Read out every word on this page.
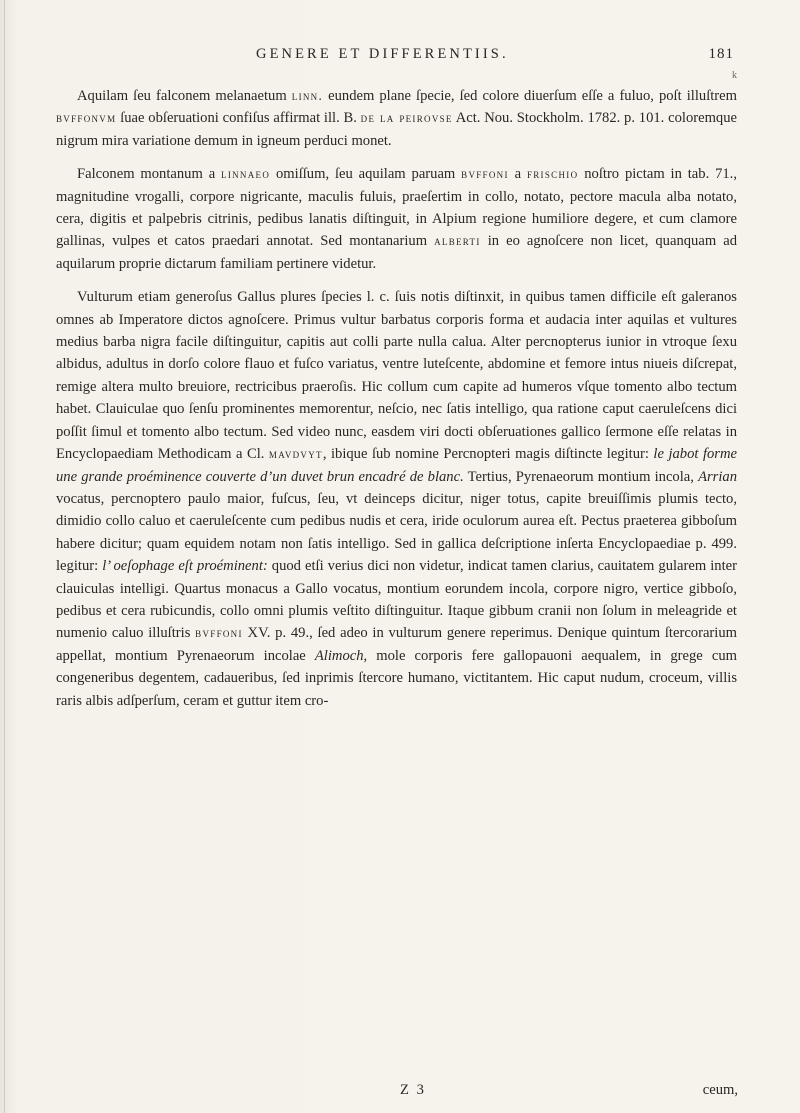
GENERE ET DIFFERENTIIS.	181
k

Aquilam ſeu falconem melanaetum linn. eundem plane ſpecie, ſed colore diuerſum eſſe a fuluo, poſt illuſtrem bvffonvm ſuae obſeruationi confiſus affirmat ill. B. de la peirovse Act. Nou. Stockholm. 1782. p. 101. coloremque nigrum mira variatione demum in igneum perduci monet.

Falconem montanum a linnaeo omiſſum, ſeu aquilam paruam bvffoni a frischio noſtro pictam in tab. 71., magnitudine vrogalli, corpore nigricante, maculis fuluis, praeſertim in collo, notato, pectore macula alba notato, cera, digitis et palpebris citrinis, pedibus lanatis diſtinguit, in Alpium regione humiliore degere, et cum clamore gallinas, vulpes et catos praedari annotat. Sed montanarium alberti in eo agnoſcere non licet, quanquam ad aquilarum proprie dictarum familiam pertinere videtur.

Vulturum etiam generoſus Gallus plures ſpecies l. c. ſuis notis diſtinxit, in quibus tamen difficile eſt galeranos omnes ab Imperatore dictos agnoſcere. Primus vultur barbatus corporis forma et audacia inter aquilas et vultures medius barba nigra facile diſtinguitur, capitis aut colli parte nulla calua. Alter percnopterus iunior in vtroque ſexu albidus, adultus in dorſo colore flauo et fuſco variatus, ventre luteſcente, abdomine et femore intus niueis diſcrepat, remige altera multo breuiore, rectricibus praeroſis. Hic collum cum capite ad humeros vſque tomento albo tectum habet. Clauiculae quo ſenſu prominentes memorentur, neſcio, nec ſatis intelligo, qua ratione caput caeruleſcens dici poſſit ſimul et tomento albo tectum. Sed video nunc, easdem viri docti obſeruationes gallico ſermone eſſe relatas in Encyclopaediam Methodicam a Cl. mavdvyt, ibique ſub nomine Percnopteri magis diſtincte legitur: le jabot forme une grande proéminence couverte d’un duvet brun encadré de blanc. Tertius, Pyrenaeorum montium incola, Arrian vocatus, percnoptero paulo maior, fuſcus, ſeu, vt deinceps dicitur, niger totus, capite breuiſſimis plumis tecto, dimidio collo caluo et caeruleſcente cum pedibus nudis et cera, iride oculorum aurea eſt. Pectus praeterea gibboſum habere dicitur; quam equidem notam non ſatis intelligo. Sed in gallica deſcriptione inſerta Encyclopaediae p. 499. legitur: l’ oeſophage eſt proéminent: quod etſi verius dici non videtur, indicat tamen clarius, cauitatem gularem inter clauiculas intelligi. Quartus monacus a Gallo vocatus, montium eorundem incola, corpore nigro, vertice gibboſo, pedibus et cera rubicundis, collo omni plumis veſtito diſtinguitur. Itaque gibbum cranii non ſolum in meleagride et numenio caluo illuſtris bvffoni XV. p. 49., ſed adeo in vulturum genere reperimus. Denique quintum ſtercorarium appellat, montium Pyrenaeorum incolae Alimoch, mole corporis fere gallopauoni aequalem, in grege cum congeneribus degentem, cadaueribus, ſed inprimis ſtercore humano, victitantem. Hic caput nudum, croceum, villis raris albis adſperſum, ceram et guttur item cro-

Z 3	ceum,
